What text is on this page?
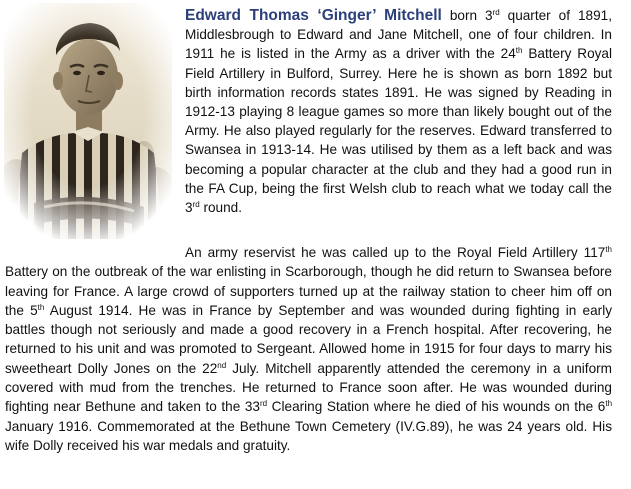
Edward Thomas ‘Ginger’ Mitchell born 3rd quarter of 1891, Middlesbrough to Edward and Jane Mitchell, one of four children. In 1911 he is listed in the Army as a driver with the 24th Battery Royal Field Artillery in Bulford, Surrey. Here he is shown as born 1892 but birth information records states 1891. He was signed by Reading in 1912-13 playing 8 league games so more than likely bought out of the Army. He also played regularly for the reserves. Edward transferred to Swansea in 1913-14. He was utilised by them as a left back and was becoming a popular character at the club and they had a good run in the FA Cup, being the first Welsh club to reach what we today call the 3rd round.

An army reservist he was called up to the Royal Field Artillery 117th Battery on the outbreak of the war enlisting in Scarborough, though he did return to Swansea before leaving for France. A large crowd of supporters turned up at the railway station to cheer him off on the 5th August 1914. He was in France by September and was wounded during fighting in early battles though not seriously and made a good recovery in a French hospital. After recovering, he returned to his unit and was promoted to Sergeant. Allowed home in 1915 for four days to marry his sweetheart Dolly Jones on the 22nd July. Mitchell apparently attended the ceremony in a uniform covered with mud from the trenches. He returned to France soon after. He was wounded during fighting near Bethune and taken to the 33rd Clearing Station where he died of his wounds on the 6th January 1916. Commemorated at the Bethune Town Cemetery (IV.G.89), he was 24 years old. His wife Dolly received his war medals and gratuity.
